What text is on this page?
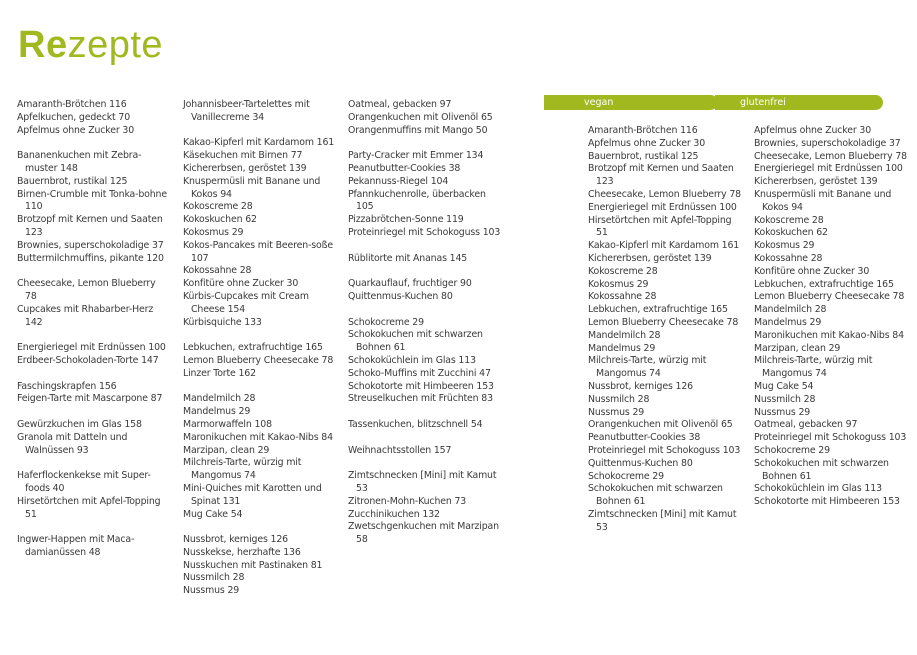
Rezepte
vegan	glutenfrei
Amaranth-Brötchen 116
Apfelkuchen, gedeckt 70
Apfelmus ohne Zucker 30
Bananenkuchen mit Zebra-muster 148
Bauernbrot, rustikal 125
Birnen-Crumble mit Tonka-bohne 110
Brotzopf mit Kernen und Saaten 123
Brownies, superschokoladige 37
Buttermilchmuffins, pikante 120
Cheesecake, Lemon Blueberry 78
Cupcakes mit Rhabarber-Herz 142
Energieriegel mit Erdnüssen 100
Erdbeer-Schokoladen-Torte 147
Faschingskrapfen 156
Feigen-Tarte mit Mascarpone 87
Gewürzkuchen im Glas 158
Granola mit Datteln und Walnüssen 93
Haferflockenkekse mit Super-foods 40
Hirsetörtchen mit Apfel-Topping 51
Ingwer-Happen mit Maca-damianüssen 48
Johannisbeer-Tartelettes mit Vanillecreme 34
Kakao-Kipferl mit Kardamom 161
Käsekuchen mit Birnen 77
Kichererbsen, geröstet 139
Knuspermüsli mit Banane und Kokos 94
Kokoscreme 28
Kokoskuchen 62
Kokosmus 29
Kokos-Pancakes mit Beeren-soße 107
Kokossahne 28
Konfitüre ohne Zucker 30
Kürbis-Cupcakes mit Cream Cheese 154
Kürbisquiche 133
Lebkuchen, extrafruchtige 165
Lemon Blueberry Cheesecake 78
Linzer Torte 162
Mandelmilch 28
Mandelmus 29
Marmorwaffeln 108
Maronikuchen mit Kakao-Nibs 84
Marzipan, clean 29
Milchreis-Tarte, würzig mit Mangomus 74
Mini-Quiches mit Karotten und Spinat 131
Mug Cake 54
Nussbrot, kerniges 126
Nusskekse, herzhafte 136
Nusskuchen mit Pastinaken 81
Nussmilch 28
Nussmus 29
Oatmeal, gebacken 97
Orangenkuchen mit Olivenöl 65
Orangenmuffins mit Mango 50
Party-Cracker mit Emmer 134
Peanutbutter-Cookies 38
Pekannuss-Riegel 104
Pfannkuchenrolle, überbacken 105
Pizzabrötchen-Sonne 119
Proteinriegel mit Schokoguss 103
Rüblitorte mit Ananas 145
Quarkauflauf, fruchtiger 90
Quittenmus-Kuchen 80
Schokocreme 29
Schokokuchen mit schwarzen Bohnen 61
Schokoküchlein im Glas 113
Schoko-Muffins mit Zucchini 47
Schokotorte mit Himbeeren 153
Streuselkuchen mit Früchten 83
Tassenkuchen, blitzschnell 54
Weihnachtsstollen 157
Zimtschnecken [Mini] mit Kamut 53
Zitronen-Mohn-Kuchen 73
Zucchinikuchen 132
Zwetschgenkuchen mit Marzipan 58
Amaranth-Brötchen 116
Apfelmus ohne Zucker 30
Bauernbrot, rustikal 125
Brotzopf mit Kernen und Saaten 123
Cheesecake, Lemon Blueberry 78
Energieriegel mit Erdnüssen 100
Hirsetörtchen mit Apfel-Topping 51
Kakao-Kipferl mit Kardamom 161
Kichererbsen, geröstet 139
Kokoscreme 28
Kokosmus 29
Kokossahne 28
Lebkuchen, extrafruchtige 165
Lemon Blueberry Cheesecake 78
Mandelmilch 28
Mandelmus 29
Milchreis-Tarte, würzig mit Mangomus 74
Nussbrot, kerniges 126
Nussmilch 28
Nussmus 29
Orangenkuchen mit Olivenöl 65
Peanutbutter-Cookies 38
Proteinriegel mit Schokoguss 103
Quittenmus-Kuchen 80
Schokocreme 29
Schokokuchen mit schwarzen Bohnen 61
Zimtschnecken [Mini] mit Kamut 53
Apfelmus ohne Zucker 30
Brownies, superschokoladige 37
Cheesecake, Lemon Blueberry 78
Energieriegel mit Erdnüssen 100
Kichererbsen, geröstet 139
Knuspermüsli mit Banane und Kokos 94
Kokoscreme 28
Kokoskuchen 62
Kokosmus 29
Kokossahne 28
Konfitüre ohne Zucker 30
Lebkuchen, extrafruchtige 165
Lemon Blueberry Cheesecake 78
Mandelmilch 28
Mandelmus 29
Maronikuchen mit Kakao-Nibs 84
Marzipan, clean 29
Milchreis-Tarte, würzig mit Mangomus 74
Mug Cake 54
Nussmilch 28
Nussmus 29
Oatmeal, gebacken 97
Proteinriegel mit Schokoguss 103
Schokocreme 29
Schokokuchen mit schwarzen Bohnen 61
Schokoküchlein im Glas 113
Schokotorte mit Himbeeren 153
